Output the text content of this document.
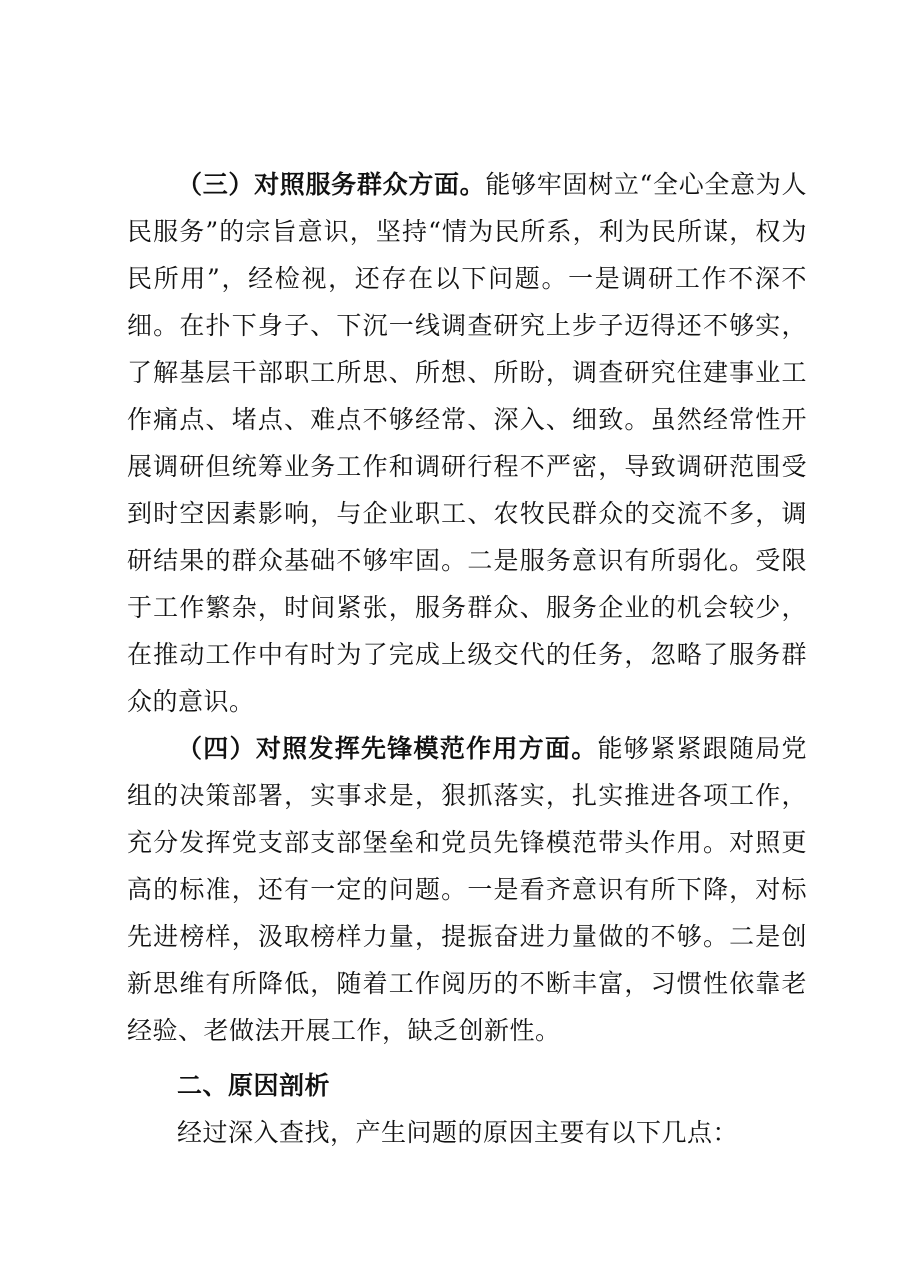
（三）对照服务群众方面。能够牢固树立“全心全意为人民服务”的宗旨意识，坚持“情为民所系，利为民所谋，权为民所用”，经检视，还存在以下问题。一是调研工作不深不细。在扑下身子、下沉一线调查研究上步子迈得还不够实，了解基层干部职工所思、所想、所盼，调查研究住建事业工作痛点、堵点、难点不够经常、深入、细致。虽然经常性开展调研但统筹业务工作和调研行程不严密，导致调研范围受到时空因素影响，与企业职工、农牧民群众的交流不多，调研结果的群众基础不够牢固。二是服务意识有所弱化。受限于工作繁杂，时间紧张，服务群众、服务企业的机会较少，在推动工作中有时为了完成上级交代的任务，忽略了服务群众的意识。

（四）对照发挥先锋模范作用方面。能够紧紧跟随局党组的决策部署，实事求是，狠抓落实，扎实推进各项工作，充分发挥党支部支部堡垒和党员先锋模范带头作用。对照更高的标准，还有一定的问题。一是看齐意识有所下降，对标先进榜样，汲取榜样力量，提振奋进力量做的不够。二是创新思维有所降低，随着工作阅历的不断丰富，习惯性依靠老经验、老做法开展工作，缺乏创新性。

二、原因剖析

经过深入查找，产生问题的原因主要有以下几点：
